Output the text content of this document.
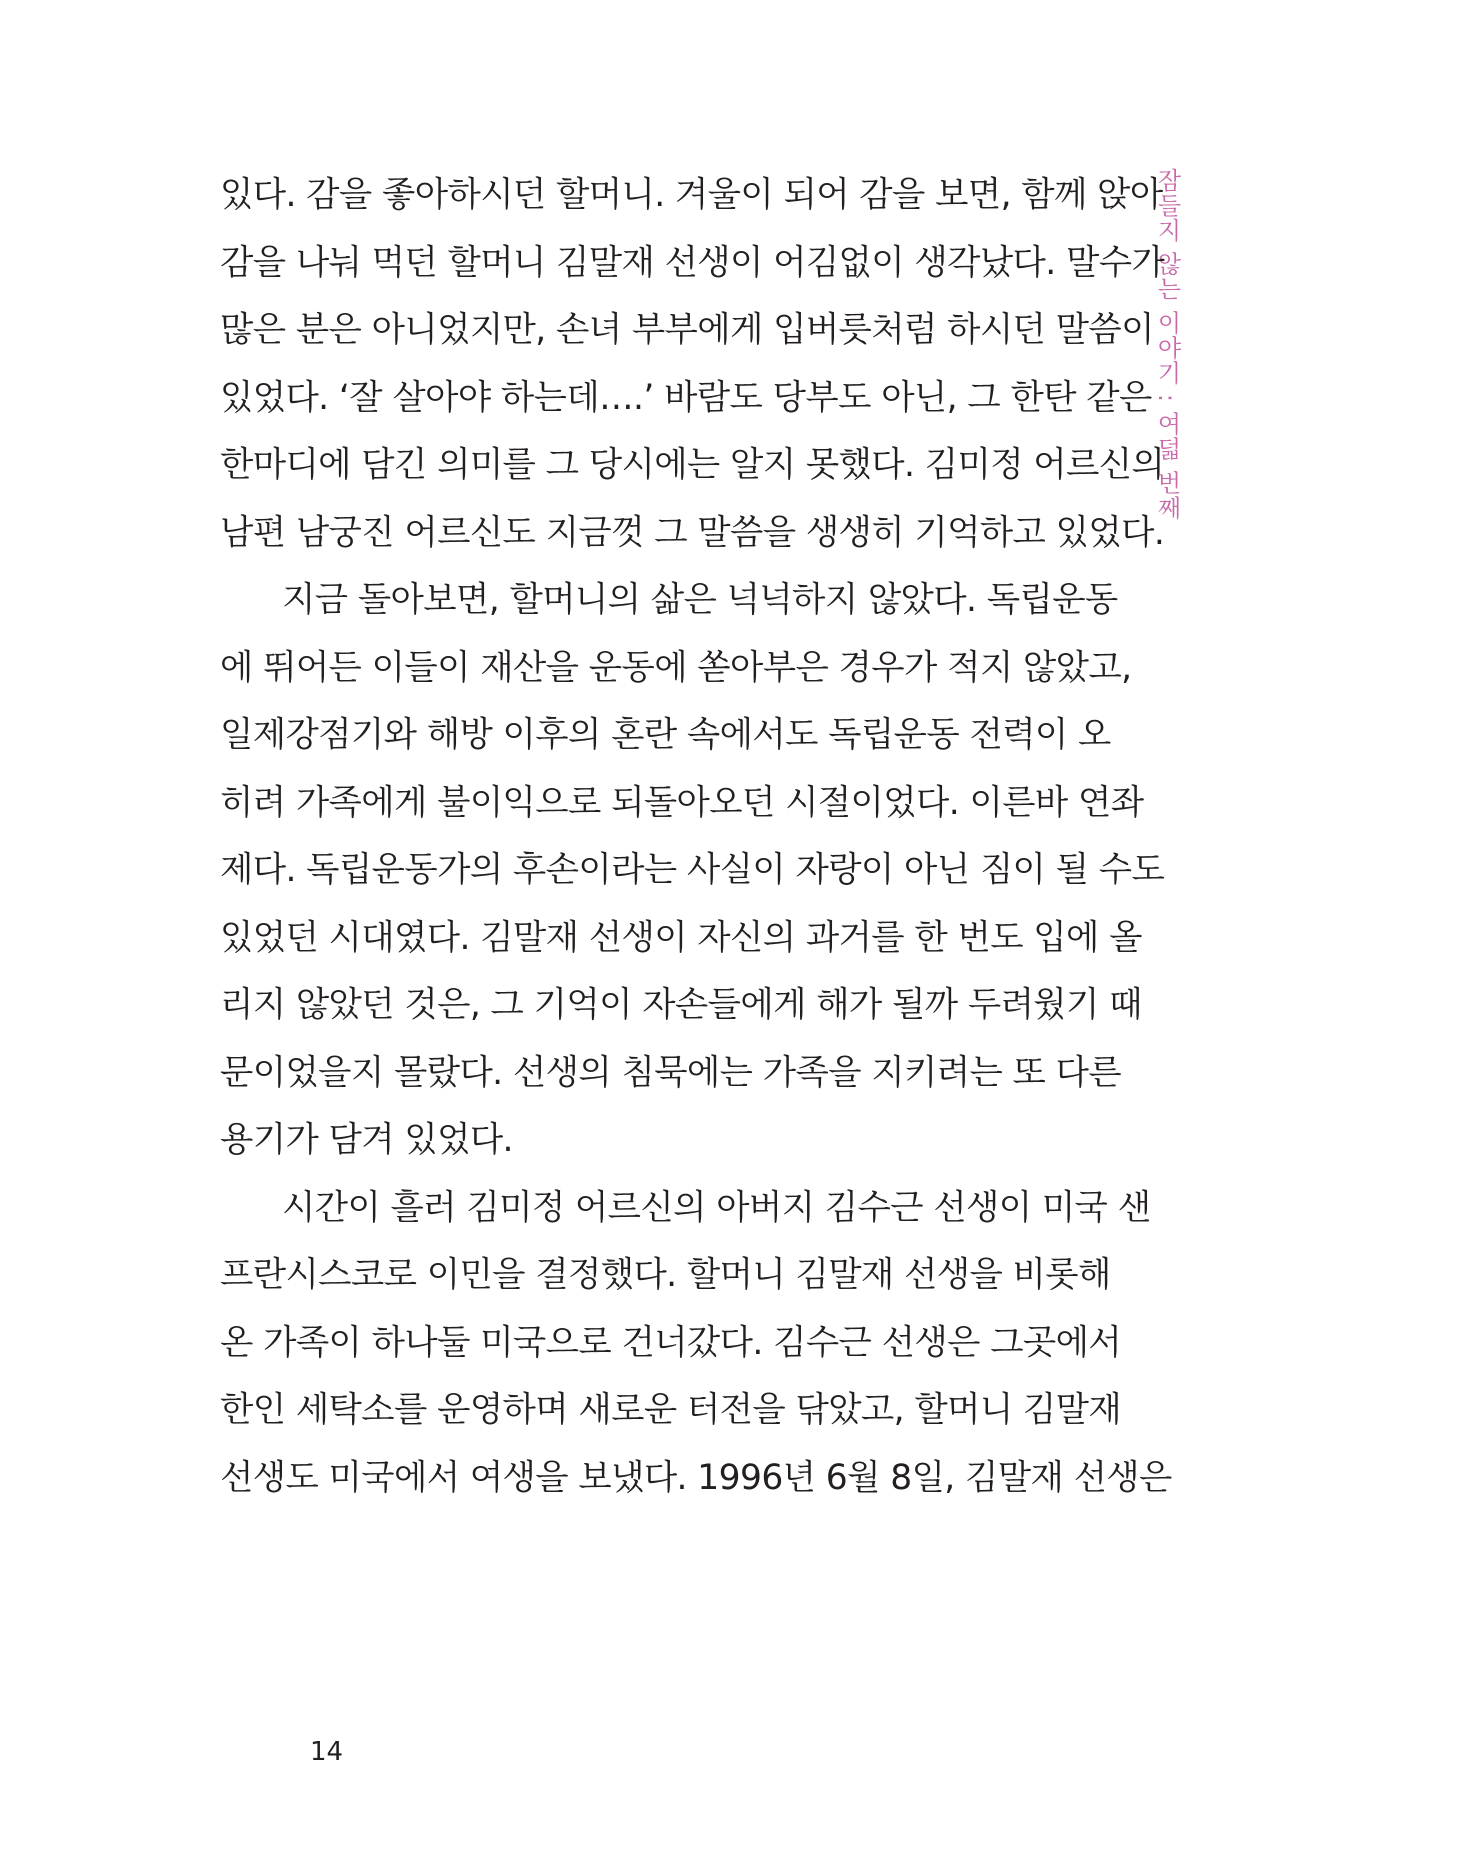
잠들지 않는 이야기 : 여덟 번째
있다. 감을 좋아하시던 할머니. 겨울이 되어 감을 보면, 함께 앉아
감을 나눠 먹던 할머니 김말재 선생이 어김없이 생각났다. 말수가
많은 분은 아니었지만, 손녀 부부에게 입버릇처럼 하시던 말씀이
있었다. ‘잘 살아야 하는데….’ 바람도 당부도 아닌, 그 한탄 같은
한마디에 담긴 의미를 그 당시에는 알지 못했다. 김미정 어르신의
남편 남궁진 어르신도 지금껏 그 말씀을 생생히 기억하고 있었다.
지금 돌아보면, 할머니의 삶은 넉넉하지 않았다. 독립운동
에 뛰어든 이들이 재산을 운동에 쏟아부은 경우가 적지 않았고,
일제강점기와 해방 이후의 혼란 속에서도 독립운동 전력이 오
히려 가족에게 불이익으로 되돌아오던 시절이었다. 이른바 연좌
제다. 독립운동가의 후손이라는 사실이 자랑이 아닌 짐이 될 수도
있었던 시대였다. 김말재 선생이 자신의 과거를 한 번도 입에 올
리지 않았던 것은, 그 기억이 자손들에게 해가 될까 두려웠기 때
문이었을지 몰랐다. 선생의 침묵에는 가족을 지키려는 또 다른
용기가 담겨 있었다.
시간이 흘러 김미정 어르신의 아버지 김수근 선생이 미국 샌
프란시스코로 이민을 결정했다. 할머니 김말재 선생을 비롯해
온 가족이 하나둘 미국으로 건너갔다. 김수근 선생은 그곳에서
한인 세탁소를 운영하며 새로운 터전을 닦았고, 할머니 김말재
선생도 미국에서 여생을 보냈다. 1996년 6월 8일, 김말재 선생은
14
